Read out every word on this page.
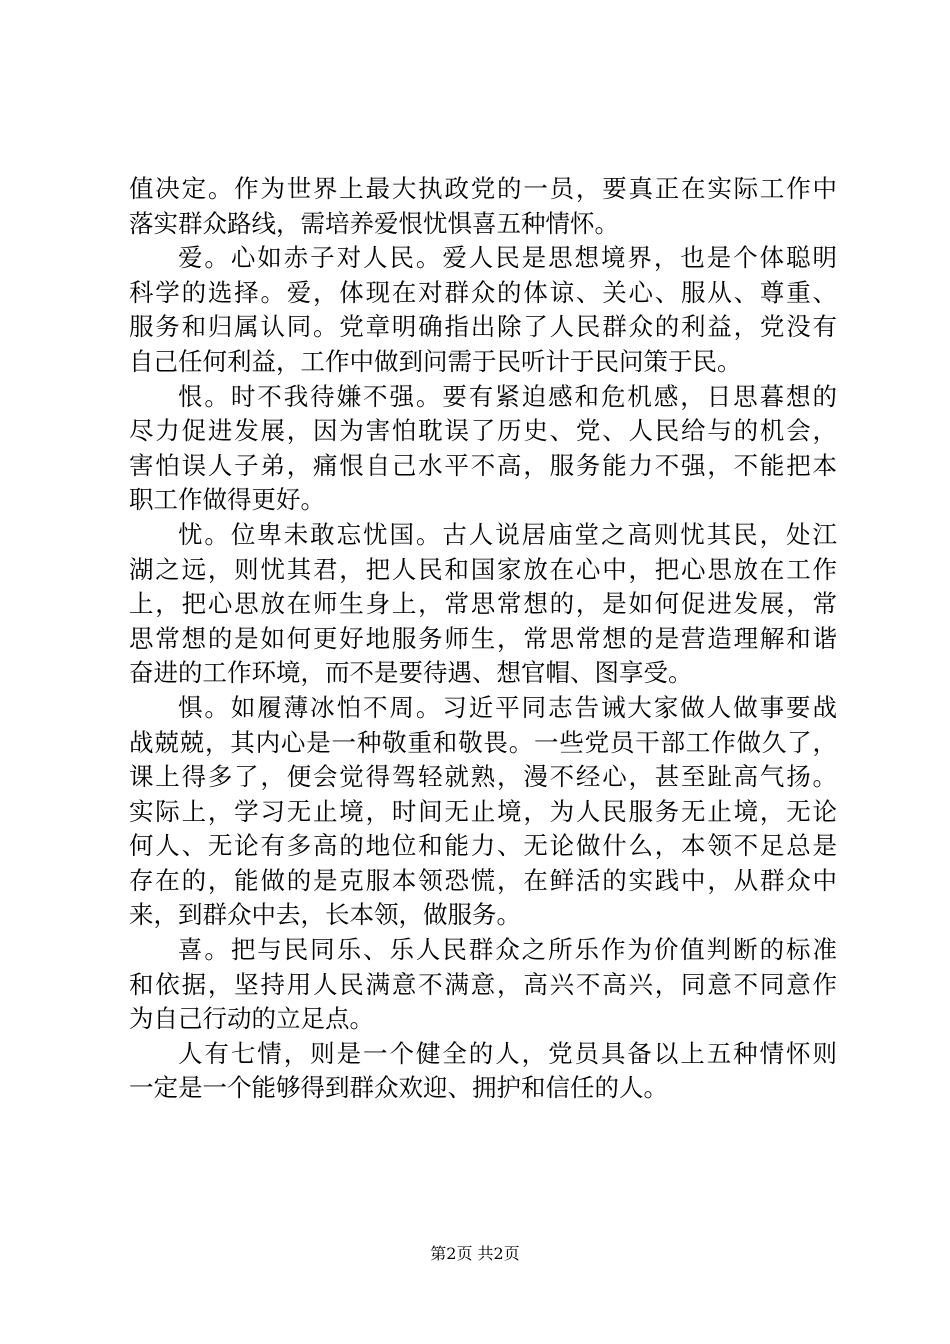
值决定。作为世界上最大执政党的一员，要真正在实际工作中
落实群众路线，需培养爱恨忧惧喜五种情怀。
爱。心如赤子对人民。爱人民是思想境界，也是个体聪明
科学的选择。爱，体现在对群众的体谅、关心、服从、尊重、
服务和归属认同。党章明确指出除了人民群众的利益，党没有
自己任何利益，工作中做到问需于民听计于民问策于民。
恨。时不我待嫌不强。要有紧迫感和危机感，日思暮想的
尽力促进发展，因为害怕耽误了历史、党、人民给与的机会，
害怕误人子弟，痛恨自己水平不高，服务能力不强，不能把本
职工作做得更好。
忧。位卑未敢忘忧国。古人说居庙堂之高则忧其民，处江
湖之远，则忧其君，把人民和国家放在心中，把心思放在工作
上，把心思放在师生身上，常思常想的，是如何促进发展，常
思常想的是如何更好地服务师生，常思常想的是营造理解和谐
奋进的工作环境，而不是要待遇、想官帽、图享受。
惧。如履薄冰怕不周。习近平同志告诫大家做人做事要战
战兢兢，其内心是一种敬重和敬畏。一些党员干部工作做久了，
课上得多了，便会觉得驾轻就熟，漫不经心，甚至趾高气扬。
实际上，学习无止境，时间无止境，为人民服务无止境，无论
何人、无论有多高的地位和能力、无论做什么，本领不足总是
存在的，能做的是克服本领恐慌，在鲜活的实践中，从群众中
来，到群众中去，长本领，做服务。
喜。把与民同乐、乐人民群众之所乐作为价值判断的标准
和依据，坚持用人民满意不满意，高兴不高兴，同意不同意作
为自己行动的立足点。
人有七情，则是一个健全的人，党员具备以上五种情怀则
一定是一个能够得到群众欢迎、拥护和信任的人。
第2页 共2页
